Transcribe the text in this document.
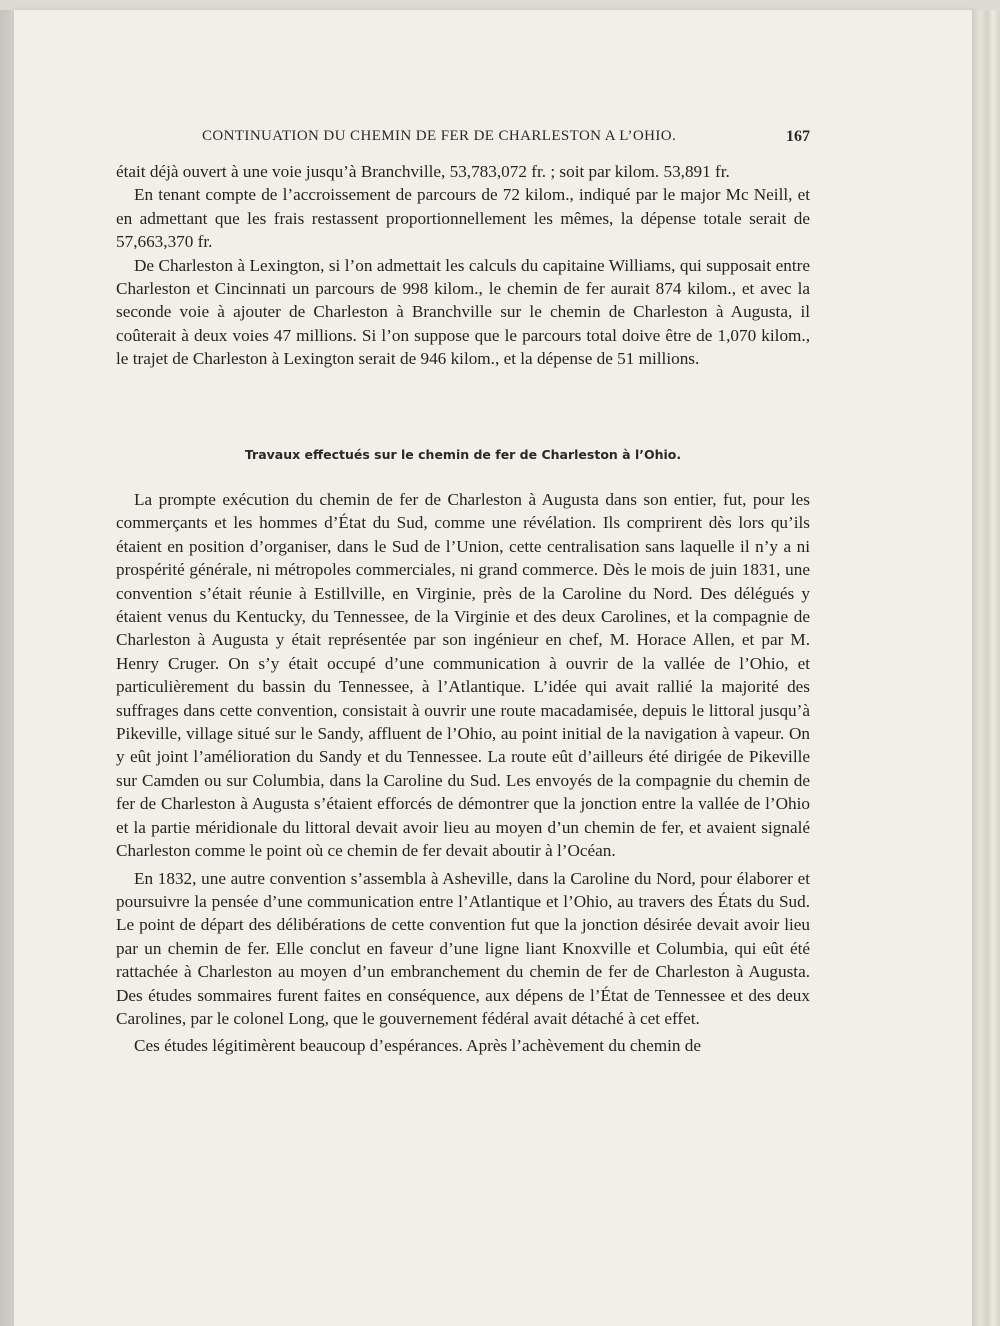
CONTINUATION DU CHEMIN DE FER DE CHARLESTON A L’OHIO.	167

était déjà ouvert à une voie jusqu’à Branchville, 53,783,072 fr. ; soit par kilom. 53,891 fr.

En tenant compte de l’accroissement de parcours de 72 kilom., indiqué par le major Mc Neill, et en admettant que les frais restassent proportionnellement les mêmes, la dépense totale serait de 57,663,370 fr.

De Charleston à Lexington, si l’on admettait les calculs du capitaine Williams, qui supposait entre Charleston et Cincinnati un parcours de 998 kilom., le chemin de fer aurait 874 kilom., et avec la seconde voie à ajouter de Charleston à Branchville sur le chemin de Charleston à Augusta, il coûterait à deux voies 47 millions. Si l’on suppose que le parcours total doive être de 1,070 kilom., le trajet de Charleston à Lexington serait de 946 kilom., et la dépense de 51 millions.

Travaux effectués sur le chemin de fer de Charleston à l’Ohio.

La prompte exécution du chemin de fer de Charleston à Augusta dans son entier, fut, pour les commerçants et les hommes d’État du Sud, comme une révélation. Ils comprirent dès lors qu’ils étaient en position d’organiser, dans le Sud de l’Union, cette centralisation sans laquelle il n’y a ni prospérité générale, ni métropoles commerciales, ni grand commerce. Dès le mois de juin 1831, une convention s’était réunie à Estillville, en Virginie, près de la Caroline du Nord. Des délégués y étaient venus du Kentucky, du Tennessee, de la Virginie et des deux Carolines, et la compagnie de Charleston à Augusta y était représentée par son ingénieur en chef, M. Horace Allen, et par M. Henry Cruger. On s’y était occupé d’une communication à ouvrir de la vallée de l’Ohio, et particulièrement du bassin du Tennessee, à l’Atlantique. L’idée qui avait rallié la majorité des suffrages dans cette convention, consistait à ouvrir une route macadamisée, depuis le littoral jusqu’à Pikeville, village situé sur le Sandy, affluent de l’Ohio, au point initial de la navigation à vapeur. On y eût joint l’amélioration du Sandy et du Tennessee. La route eût d’ailleurs été dirigée de Pikeville sur Camden ou sur Columbia, dans la Caroline du Sud. Les envoyés de la compagnie du chemin de fer de Charleston à Augusta s’étaient efforcés de démontrer que la jonction entre la vallée de l’Ohio et la partie méridionale du littoral devait avoir lieu au moyen d’un chemin de fer, et avaient signalé Charleston comme le point où ce chemin de fer devait aboutir à l’Océan.

En 1832, une autre convention s’assembla à Asheville, dans la Caroline du Nord, pour élaborer et poursuivre la pensée d’une communication entre l’Atlantique et l’Ohio, au travers des États du Sud. Le point de départ des délibérations de cette convention fut que la jonction désirée devait avoir lieu par un chemin de fer. Elle conclut en faveur d’une ligne liant Knoxville et Columbia, qui eût été rattachée à Charleston au moyen d’un embranchement du chemin de fer de Charleston à Augusta. Des études sommaires furent faites en conséquence, aux dépens de l’État de Tennessee et des deux Carolines, par le colonel Long, que le gouvernement fédéral avait détaché à cet effet.

Ces études légitimèrent beaucoup d’espérances. Après l’achèvement du chemin de
